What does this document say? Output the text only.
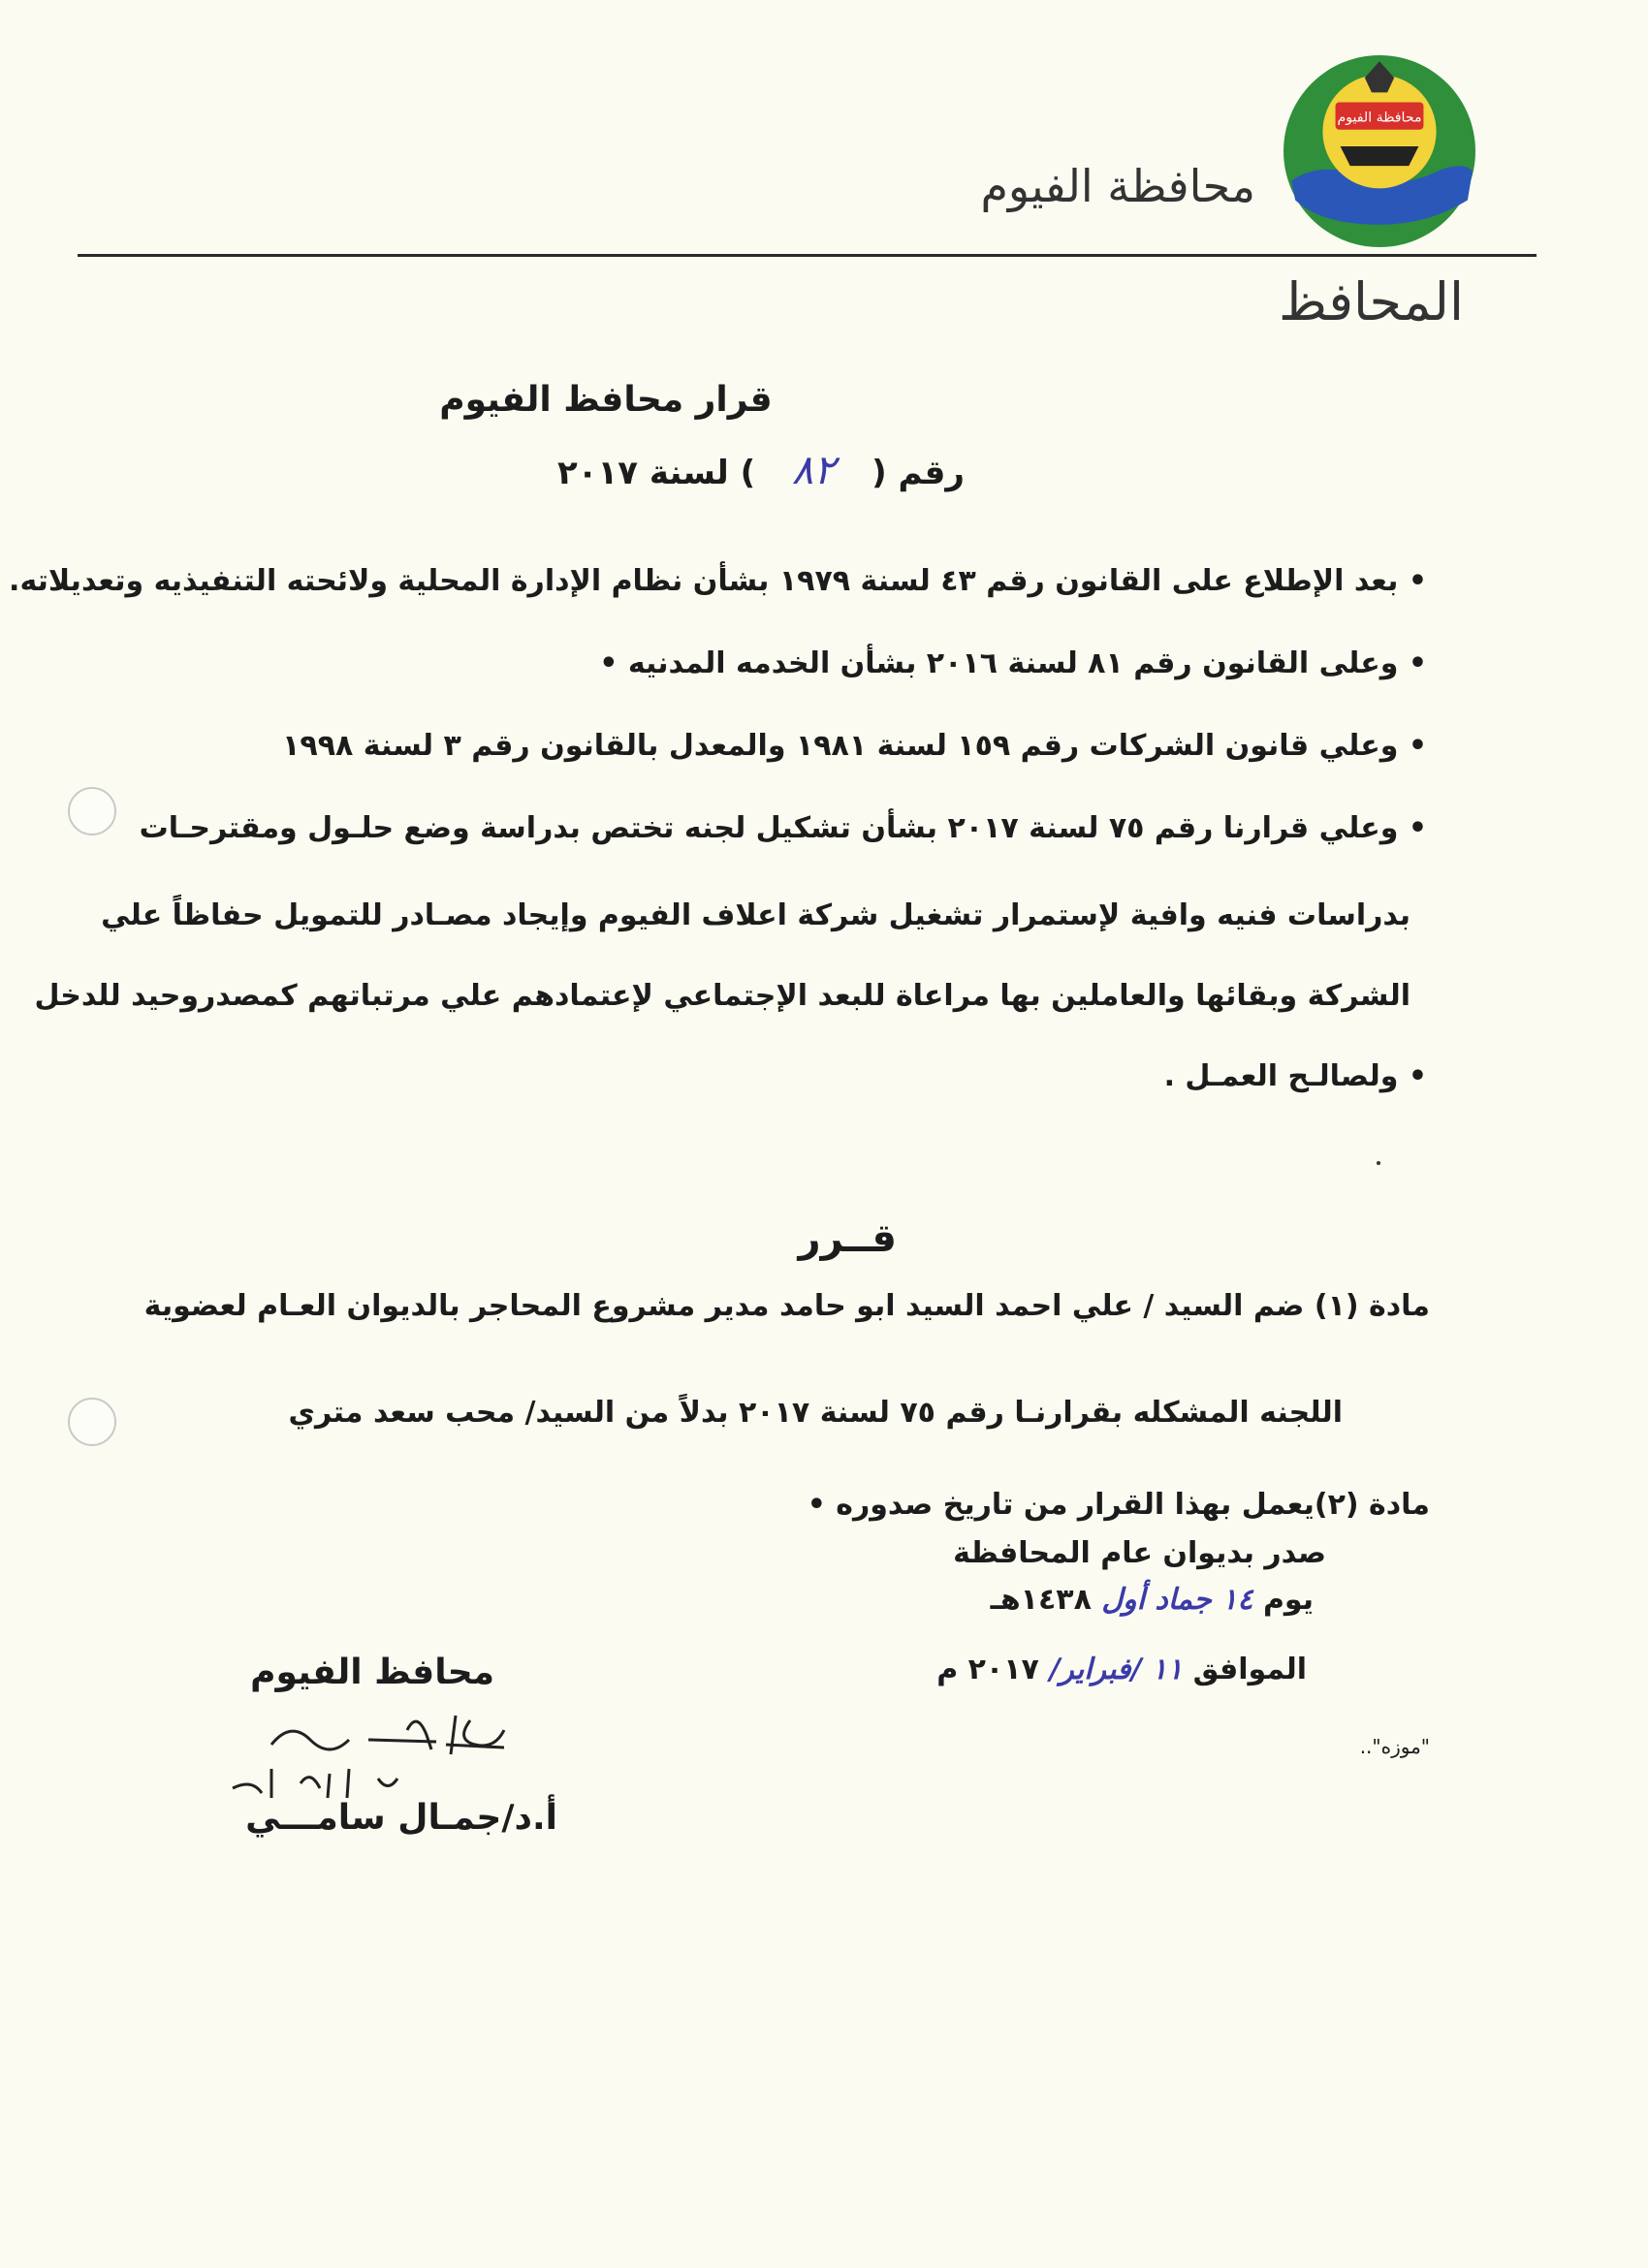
محافظة الفيوم
محافظة الفيوم
المحافظ
قرار محافظ الفيوم
رقم (٨٢) لسنة ٢٠١٧
• بعد الإطلاع على القانون رقم ٤٣ لسنة ١٩٧٩ بشأن نظام الإدارة المحلية ولائحته التنفيذيه وتعديلاته.
• وعلى القانون رقم ٨١ لسنة ٢٠١٦ بشأن الخدمه المدنيه •
• وعلي قانون الشركات رقم ١٥٩ لسنة ١٩٨١ والمعدل بالقانون رقم ٣ لسنة ١٩٩٨
• وعلي قرارنا رقم ٧٥ لسنة ٢٠١٧ بشأن تشكيل لجنه تختص بدراسة وضع حلـول ومقترحـات
بدراسات فنيه وافية لإستمرار تشغيل شركة اعلاف الفيوم وإيجاد مصـادر للتمويل حفاظاً علي
الشركة وبقائها والعاملين بها مراعاة للبعد الإجتماعي لإعتمادهم علي مرتباتهم كمصدروحيد للدخل
• ولصالـح العمـل .
قــرر
مادة (١) ضم السيد / علي احمد السيد ابو حامد مدير مشروع المحاجر بالديوان العـام لعضوية
اللجنه المشكله بقرارنـا رقم ٧٥ لسنة ٢٠١٧ بدلاً من السيد/ محب سعد متري
مادة (٢)يعمل بهذا القرار من تاريخ صدوره •
صدر بديوان عام المحافظة
يوم ١٤ جماد أول ١٤٣٨هـ
الموافق ١١ /فبراير/ ٢٠١٧ م
"موزه"..
محافظ الفيوم
أ.د/جمـال سامـــي
